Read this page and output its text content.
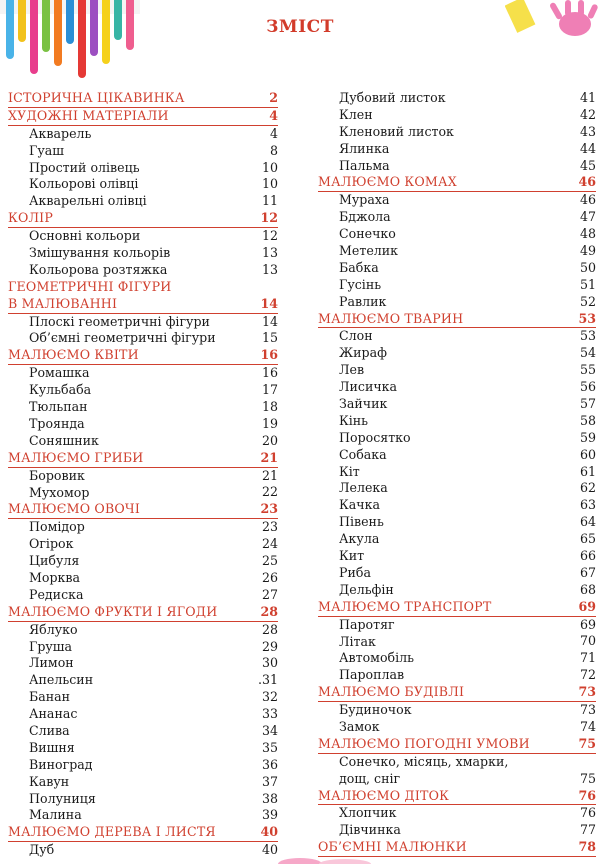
ЗМІСТ
ІСТОРИЧНА ЦІКАВИНКА	2
ХУДОЖНІ МАТЕРІАЛИ	4
Акварель	4
Гуаш	8
Простий олівець	10
Кольорові олівці	10
Акварельні олівці	11
КОЛІР	12
Основні кольори	12
Змішування кольорів	13
Кольорова розтяжка	13
ГЕОМЕТРИЧНІ ФІГУРИ
В МАЛЮВАННІ	14
Плоскі геометричні фігури	14
Об’ємні геометричні фігури	15
МАЛЮЄМО КВІТИ	16
Ромашка	16
Кульбаба	17
Тюльпан	18
Троянда	19
Соняшник	20
МАЛЮЄМО ГРИБИ	21
Боровик	21
Мухомор	22
МАЛЮЄМО ОВОЧІ	23
Помідор	23
Огірок	24
Цибуля	25
Морква	26
Редиска	27
МАЛЮЄМО ФРУКТИ І ЯГОДИ	28
Яблуко	28
Груша	29
Лимон	30
Апельсин	.31
Банан	32
Ананас	33
Слива	34
Вишня	35
Виноград	36
Кавун	37
Полуниця	38
Малина	39
МАЛЮЄМО ДЕРЕВА І ЛИСТЯ	40
Дуб	40
Дубовий листок	41
Клен	42
Кленовий листок	43
Ялинка	44
Пальма	45
МАЛЮЄМО КОМАХ	46
Мураха	46
Бджола	47
Сонечко	48
Метелик	49
Бабка	50
Гусінь	51
Равлик	52
МАЛЮЄМО ТВАРИН	53
Слон	53
Жираф	54
Лев	55
Лисичка	56
Зайчик	57
Кінь	58
Поросятко	59
Собака	60
Кіт	61
Лелека	62
Качка	63
Півень	64
Акула	65
Кит	66
Риба	67
Дельфін	68
МАЛЮЄМО ТРАНСПОРТ	69
Паротяг	69
Літак	70
Автомобіль	71
Пароплав	72
МАЛЮЄМО БУДІВЛІ	73
Будиночок	73
Замок	74
МАЛЮЄМО ПОГОДНІ УМОВИ	75
Сонечко, місяць, хмарки,
дощ, сніг	75
МАЛЮЄМО ДІТОК	76
Хлопчик	76
Дівчинка	77
ОБ’ЄМНІ МАЛЮНКИ	78
